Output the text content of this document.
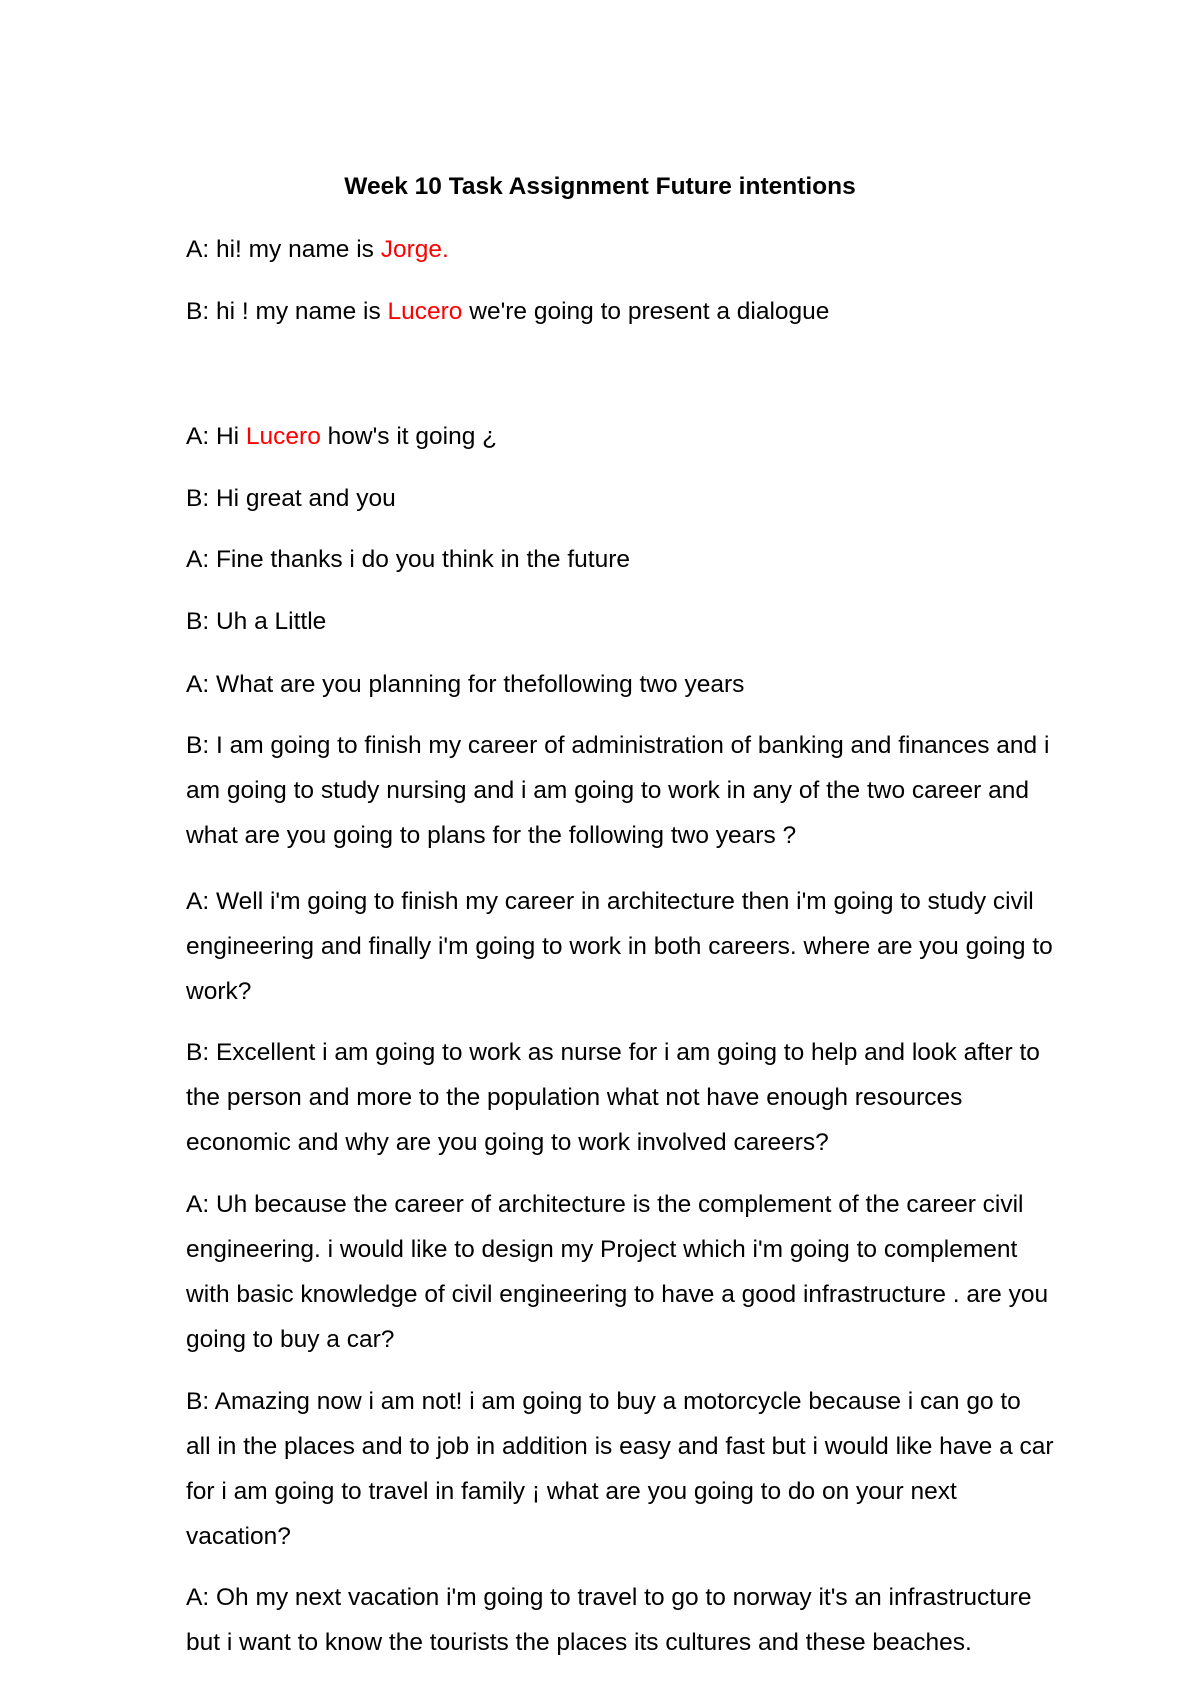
Week 10 Task Assignment Future intentions
A: hi! my name is Jorge.
B: hi ! my name is Lucero we're going to present a dialogue
A: Hi Lucero how's it going ¿
B: Hi great and you
A: Fine thanks i do you think in the future
B: Uh a Little
A: What are you planning for thefollowing two years
B: I am going to finish my career of administration of banking and finances and i
am going to study nursing and i am going to work in any of the two career and
what are you going to plans for the following two years ?
A: Well i'm going to finish my career in architecture then i'm going to study civil
engineering and finally i'm going to work in both careers. where are you going to
work?
B: Excellent i am going to work as nurse for i am going to help and look after to
the person and more to the population what not have enough resources
economic and why are you going to work involved careers?
A: Uh because the career of architecture is the complement of the career civil
engineering. i would like to design my Project which i'm going to complement
with basic knowledge of civil engineering to have a good infrastructure . are you
going to buy a car?
B: Amazing now i am not! i am going to buy a motorcycle because i can go to
all in the places and to job in addition is easy and fast but i would like have a car
for i am going to travel in family ¡ what are you going to do on your next
vacation?
A: Oh my next vacation i'm going to travel to go to norway it's an infrastructure
but i want to know the tourists the places its cultures and these beaches.
